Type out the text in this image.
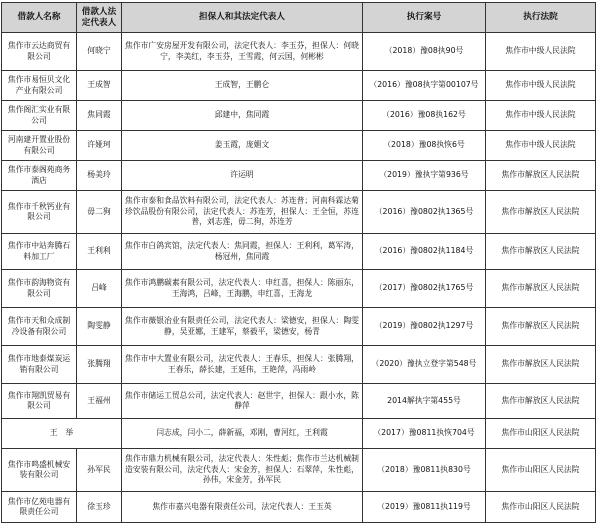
借款人名称	借款人法定代表人	担保人和其法定代表人	执行案号	执行法院
焦作市云达商贸有限公司	何晓宁	焦作市广安房屋开发有限公司，法定代表人：李玉芬，担保人：何晓宁，李美红，李玉芬，王雪霞，何云国，何彬彬	（2018）豫08执90号	焦作市中级人民法院
焦作市易恒贝文化产业有限公司	王成智	王成智，王鹏仑	（2016）豫08执字第00107号	焦作市中级人民法院
焦作阁汇实业有限公司	焦同霞	邱建中，焦同霞	（2016）豫08执162号	焦作市中级人民法院
河南建开置业股份有限公司	许娅珂	姜玉霞，庞媚文	（2018）豫08执恢6号	焦作市中级人民法院
焦作市泰阁苑商务酒店	杨美玲	许运明	（2019）豫执字第936号	焦作市解放区人民法院
焦作市千秋钙业有限公司	毋二狗	焦作市泰和食品饮料有限公司，法定代表人：苏连普；河南科霖达菊珍饮品股份有限公司，法定代表人：苏连芳，担保人：王全恒，苏连普，刘志莲，毋二狗，苏连芳	（2016）豫0802执1365号	焦作市解放区人民法院
焦作市中站奔腾石料加工厂	王利利	焦作市白鸽宾馆，法定代表人：焦同霞，担保人：王利利，葛军涛，杨冠州，焦同霞	（2016）豫0802执1184号	焦作市解放区人民法院
焦作市韵海物资有限公司	吕峰	焦作市鸿鹏碳素有限公司，法定代表人：申红喜，担保人：陈丽东，王海鸿，吕峰，王海鹏，申红喜，王海龙	（2017）豫0802执1765号	焦作市解放区人民法院
焦作市天和众成制冷设备有限公司	陶雯静	焦作市薇银冶业有限责任公司，法定代表人：梁德安，担保人：陶雯静，吴亚娜，王建军，蔡毅平，梁德安，杨青	（2019）豫0802执1297号	焦作市解放区人民法院
焦作市地泰煤炭运销有限公司	张腾翔	焦作市中大置业有限公司，法定代表人：王春乐，担保人：张腾翔，王春乐，薛长建，王延伟，王艳萍，冯雨岭	（2020）豫执立登字第548号	焦作市解放区人民法院
焦作市翔凯贸易有限公司	王福州	焦作市储运工贸总公司，法定代表人：赵世宇，担保人：跟小水，陈静萍	2014解执字第455号	焦作市解放区人民法院
王　举		闫志成，闫小二，薛新福，邓刚，曹河红，王利霞	（2017）豫0811执恢704号	焦作市山阳区人民法院
焦作市鸣盛机械安装有限公司	孙军民	焦作市鼎力机械有限公司，法定代表人：朱性彪；焦作市兰达机械制造安装有限公司，法定代表人：宋金芳，担保人：石翠萍，朱性彪，孙伟，宋金芳，孙军民	（2018）豫0811执830号	焦作市山阳区人民法院
焦作市亿苑电器有限责任公司	徐玉珍	焦作市嘉兴电器有限责任公司，法定代表人：王玉英	（2019）豫0811执119号	焦作市山阳区人民法院
